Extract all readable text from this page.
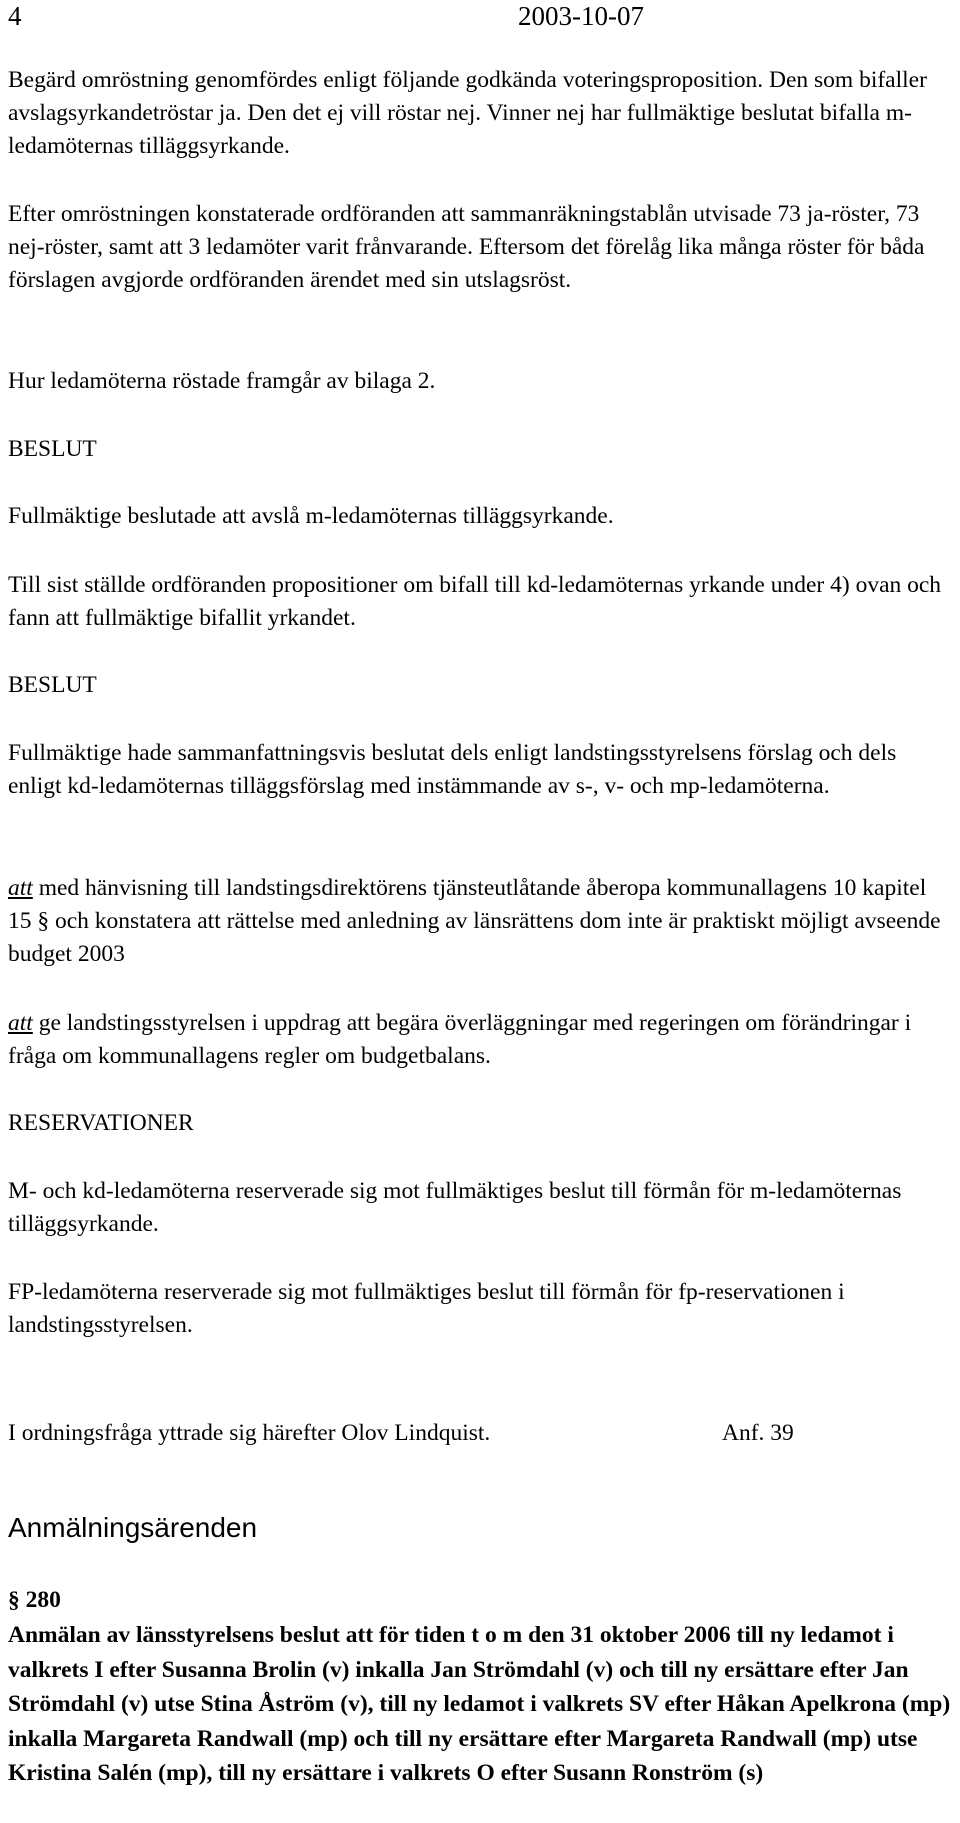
4	2003-10-07

Begärd omröstning genomfördes enligt följande godkända voteringsproposition. Den som bifaller avslagsyrkandetröstar ja. Den det ej vill röstar nej. Vinner nej har fullmäktige beslutat bifalla m-ledamöternas tilläggsyrkande.

Efter omröstningen konstaterade ordföranden att sammanräkningstablån utvisade 73 ja-röster, 73 nej-röster, samt att 3 ledamöter varit frånvarande. Eftersom det förelåg lika många röster för båda förslagen avgjorde ordföranden ärendet med sin utslagsröst.

Hur ledamöterna röstade framgår av bilaga 2.

BESLUT
Fullmäktige beslutade att avslå m-ledamöternas tilläggsyrkande.

Till sist ställde ordföranden propositioner om bifall till kd-ledamöternas yrkande under 4) ovan och fann att fullmäktige bifallit yrkandet.

BESLUT

Fullmäktige hade sammanfattningsvis beslutat dels enligt landstingsstyrelsens förslag och dels enligt kd-ledamöternas tilläggsförslag med instämmande av s-, v- och mp-ledamöterna.

att med hänvisning till landstingsdirektörens tjänsteutlåtande åberopa kommunallagens 10 kapitel 15 § och konstatera att rättelse med anledning av länsrättens dom inte är praktiskt möjligt avseende budget 2003

att ge landstingsstyrelsen i uppdrag att begära överläggningar med regeringen om förändringar i fråga om kommunallagens regler om budgetbalans.

RESERVATIONER

M- och kd-ledamöterna reserverade sig mot fullmäktiges beslut till förmån för m-ledamöternas tilläggsyrkande.

FP-ledamöterna reserverade sig mot fullmäktiges beslut till förmån för fp-reservationen i landstingsstyrelsen.

I ordningsfråga yttrade sig härefter Olov Lindquist.	Anf. 39
Anmälningsärenden
§ 280
Anmälan av länsstyrelsens beslut att för tiden t o m den 31 oktober 2006 till ny ledamot i valkrets I efter Susanna Brolin (v) inkalla Jan Strömdahl (v) och till ny ersättare efter Jan Strömdahl (v) utse Stina Åström (v), till ny ledamot i valkrets SV efter Håkan Apelkrona (mp) inkalla Margareta Randwall (mp) och till ny ersättare efter Margareta Randwall (mp) utse Kristina Salén (mp), till ny ersättare i valkrets O efter Susann Ronström (s)
